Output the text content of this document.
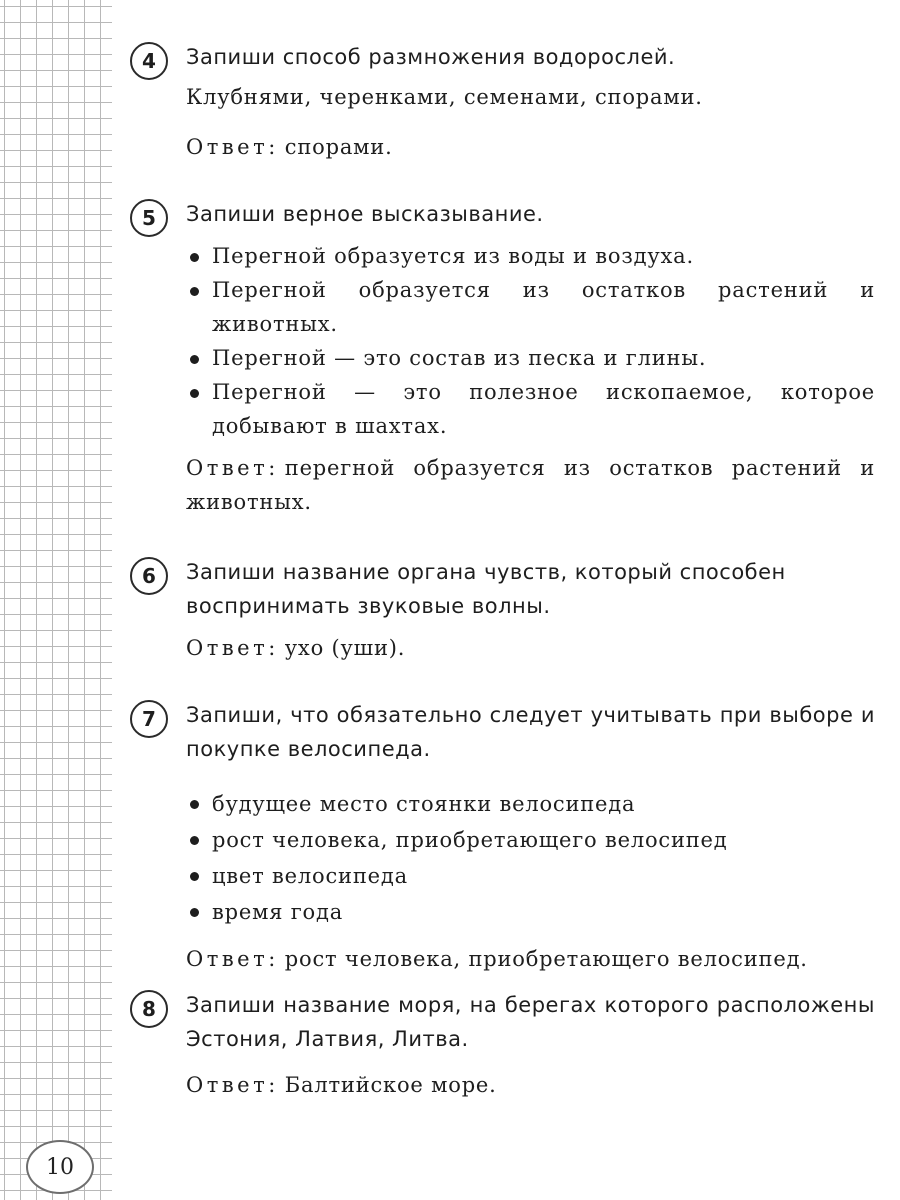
4	Запиши способ размножения водорослей.
Клубнями, черенками, семенами, спорами.
Ответ: спорами.
5	Запиши верное высказывание.
Перегной образуется из воды и воздуха.
Перегной образуется из остатков растений и животных.
Перегной — это состав из песка и глины.
Перегной — это полезное ископаемое, которое добывают в шахтах.
Ответ: перегной образуется из остатков растений и животных.
6	Запиши название органа чувств, который способен воспринимать звуковые волны.
Ответ: ухо (уши).
7	Запиши, что обязательно следует учитывать при выборе и покупке велосипеда.
будущее место стоянки велосипеда
рост человека, приобретающего велосипед
цвет велосипеда
время года
Ответ: рост человека, приобретающего велосипед.
8	Запиши название моря, на берегах которого расположены Эстония, Латвия, Литва.
Ответ: Балтийское море.
10
